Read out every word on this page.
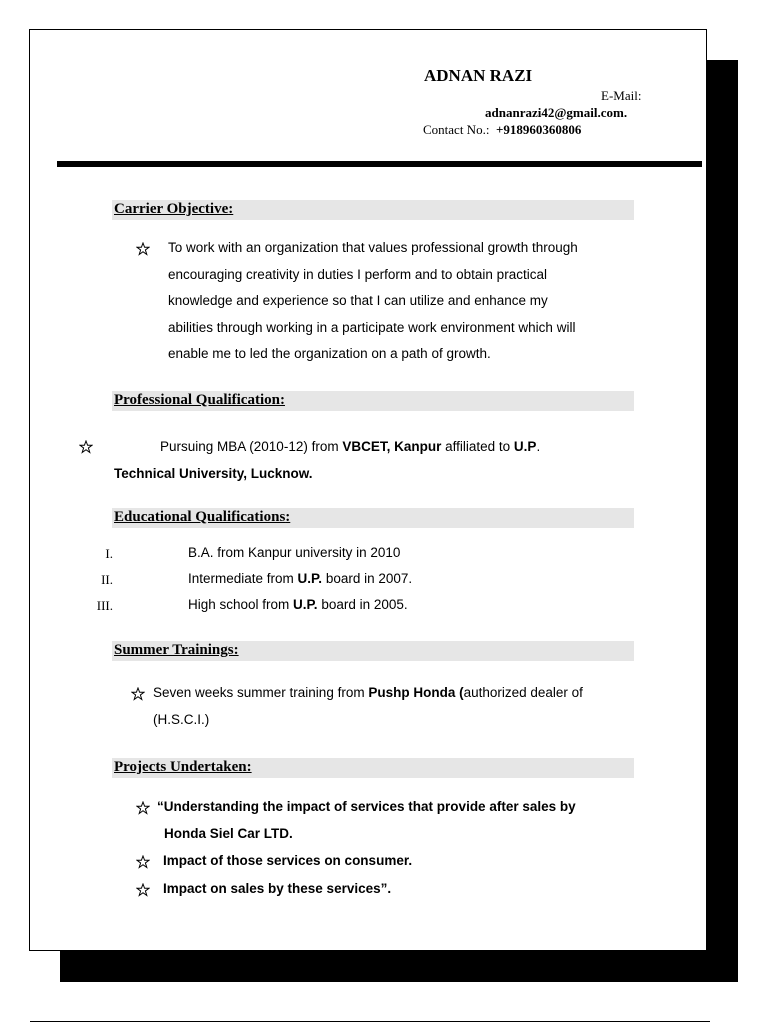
ADNAN RAZI
E-Mail:
adnanrazi42@gmail.com.
Contact No.: +918960360806
Carrier Objective:
To work with an organization that values professional growth through
encouraging creativity in duties I perform and to obtain practical
knowledge and experience so that I can utilize and enhance my
abilities through working in a participate work environment which will
enable me to led the organization on a path of growth.
Professional Qualification:
Pursuing MBA (2010-12) from VBCET, Kanpur affiliated to U.P.
Technical University, Lucknow.
Educational Qualifications:
I.	B.A. from Kanpur university in 2010
II.	Intermediate from U.P. board in 2007.
III.	High school from U.P. board in 2005.
Summer Trainings:
Seven weeks summer training from Pushp Honda (authorized dealer of
(H.S.C.I.)
Projects Undertaken:
“Understanding the impact of services that provide after sales by
Honda Siel Car LTD.
Impact of those services on consumer.
Impact on sales by these services”.
